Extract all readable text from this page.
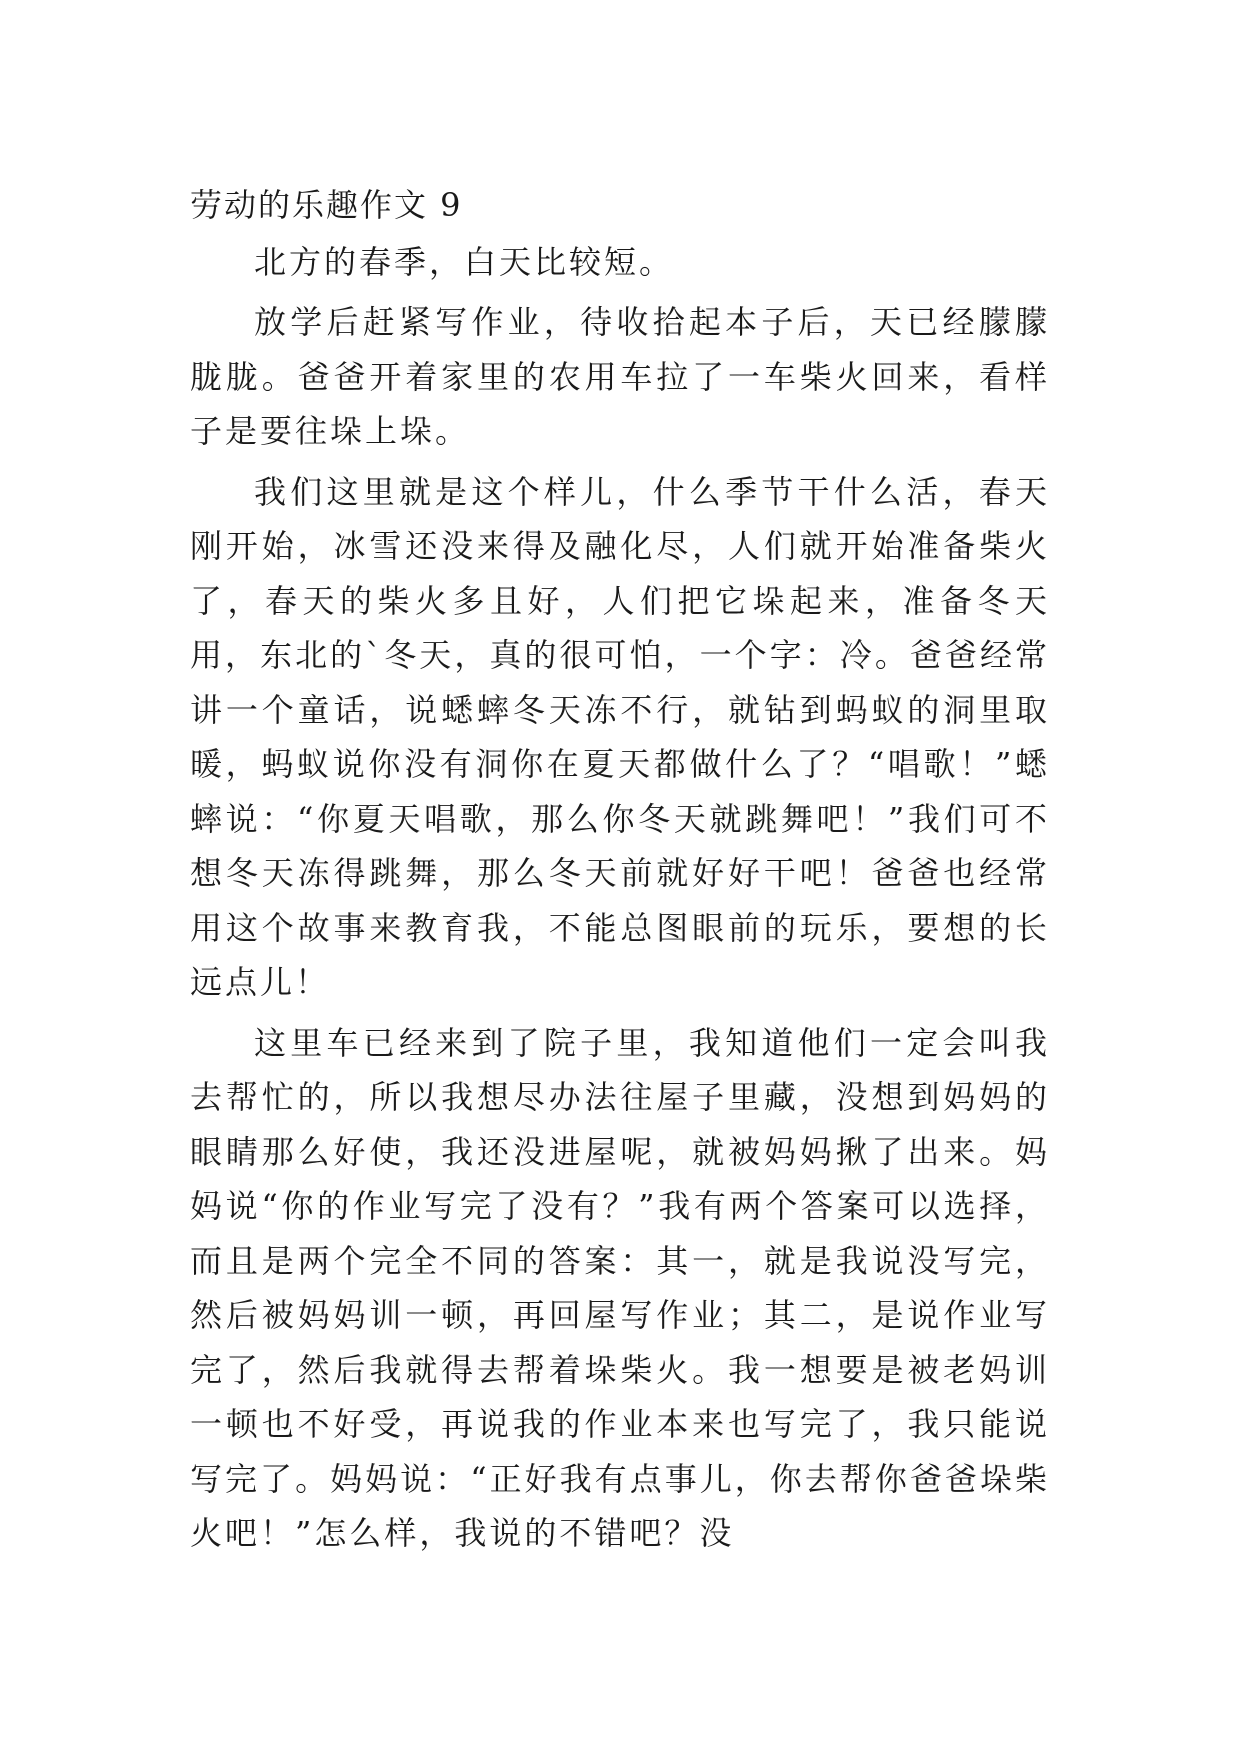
劳动的乐趣作文 9

北方的春季，白天比较短。

放学后赶紧写作业，待收拾起本子后，天已经朦朦胧胧。爸爸开着家里的农用车拉了一车柴火回来，看样子是要往垛上垛。

我们这里就是这个样儿，什么季节干什么活，春天刚开始，冰雪还没来得及融化尽，人们就开始准备柴火了，春天的柴火多且好，人们把它垛起来，准备冬天用，东北的`冬天，真的很可怕，一个字：冷。爸爸经常讲一个童话，说蟋蟀冬天冻不行，就钻到蚂蚁的洞里取暖，蚂蚁说你没有洞你在夏天都做什么了？“唱歌！”蟋蟀说：“你夏天唱歌，那么你冬天就跳舞吧！”我们可不想冬天冻得跳舞，那么冬天前就好好干吧！爸爸也经常用这个故事来教育我，不能总图眼前的玩乐，要想的长远点儿！

这里车已经来到了院子里，我知道他们一定会叫我去帮忙的，所以我想尽办法往屋子里藏，没想到妈妈的眼睛那么好使，我还没进屋呢，就被妈妈揪了出来。妈妈说“你的作业写完了没有？”我有两个答案可以选择，而且是两个完全不同的答案：其一，就是我说没写完，然后被妈妈训一顿，再回屋写作业；其二，是说作业写完了，然后我就得去帮着垛柴火。我一想要是被老妈训一顿也不好受，再说我的作业本来也写完了，我只能说写完了。妈妈说：“正好我有点事儿，你去帮你爸爸垛柴火吧！”怎么样，我说的不错吧？没
